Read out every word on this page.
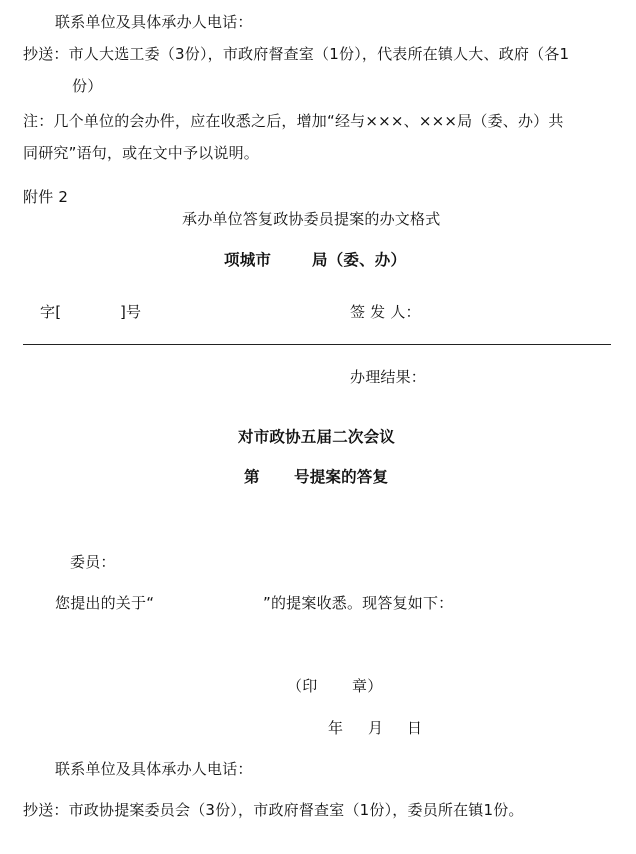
联系单位及具体承办人电话：
抄送：市人大选工委（3份），市政府督查室（1份），代表所在镇人大、政府（各1
份）
注：几个单位的会办件，应在收悉之后，增加“经与×××、×××局（委、办）共
同研究”语句，或在文中予以说明。
附件 2
承办单位答复政协委员提案的办文格式
项城市	局（委、办）
字[	]号	签 发 人：
办理结果：
对市政协五届二次会议
第 号提案的答复
委员：
您提出的关于“	”的提案收悉。现答复如下：
（印 章）
年 月 日
联系单位及具体承办人电话：
抄送：市政协提案委员会（3份），市政府督查室（1份），委员所在镇1份。
